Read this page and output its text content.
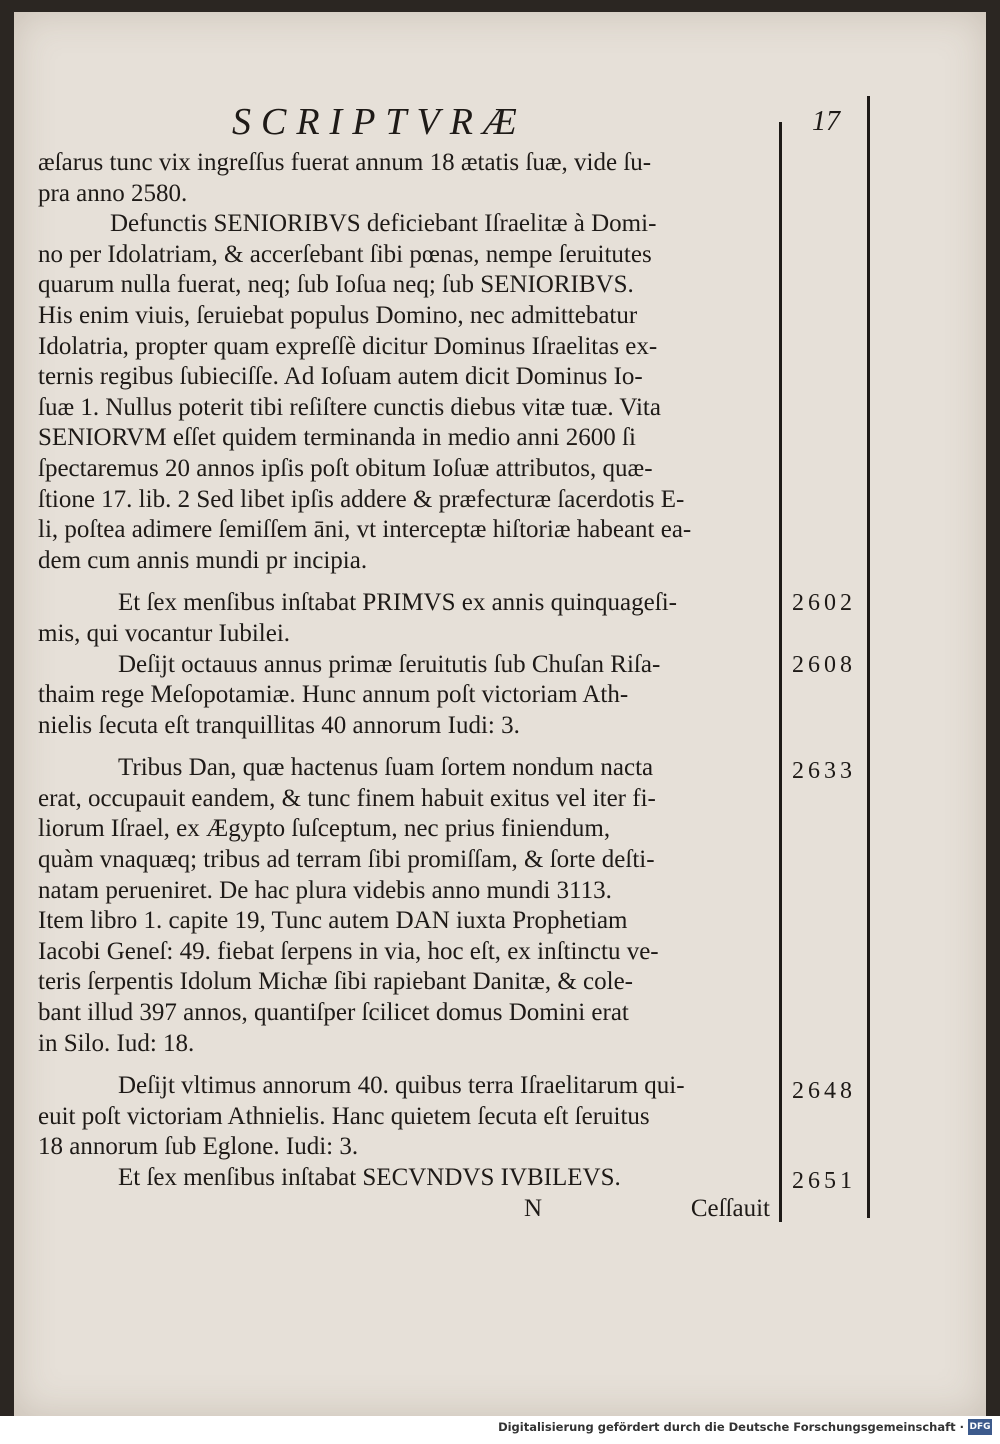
SCRIPTVRÆ	17
ӕſarus tunc vix ingreſſus fuerat annum 18 ætatis ſuæ, vide ſu-
pra anno 2580.
Defunctis SENIORIBVS deficiebant Iſraelitæ à Domi-
no per Idolatriam, & accerſebant ſibi pœnas, nempe ſeruitutes
quarum nulla fuerat, neq; ſub Ioſua neq; ſub SENIORIBVS.
His enim viuis, ſeruiebat populus Domino, nec admittebatur
Idolatria, propter quam expreſſè dicitur Dominus Iſraelitas ex-
ternis regibus ſubieciſſe. Ad Ioſuam autem dicit Dominus Io-
ſuæ 1. Nullus poterit tibi reſiſtere cunctis diebus vitæ tuæ. Vita
SENIORVM eſſet quidem terminanda in medio anni 2600 ſi
ſpectaremus 20 annos ipſis poſt obitum Ioſuæ attributos, quæ-
ſtione 17. lib. 2 Sed libet ipſis addere & præfecturæ ſacerdotis E-
li, poſtea adimere ſemiſſem āni, vt interceptæ hiſtoriæ habeant ea-
dem cum annis mundi pr incipia.
Et ſex menſibus inſtabat PRIMVS ex annis quinquageſi-
mis, qui vocantur Iubilei.
Deſijt octauus annus primæ ſeruitutis ſub Chuſan Riſa-
thaim rege Meſopotamiæ. Hunc annum poſt victoriam Ath-
nielis ſecuta eſt tranquillitas 40 annorum Iudi: 3.
Tribus Dan, quæ hactenus ſuam ſortem nondum nacta
erat, occupauit eandem, & tunc finem habuit exitus vel iter fi-
liorum Iſrael, ex Ægypto ſuſceptum, nec prius finiendum,
quàm vnaquæq; tribus ad terram ſibi promiſſam, & ſorte deſti-
natam perueniret. De hac plura videbis anno mundi 3113.
Item libro 1. capite 19, Tunc autem DAN iuxta Prophetiam
Iacobi Geneſ: 49. fiebat ſerpens in via, hoc eſt, ex inſtinctu ve-
teris ſerpentis Idolum Michæ ſibi rapiebant Danitæ, & cole-
bant illud 397 annos, quantiſper ſcilicet domus Domini erat
in Silo. Iud: 18.
Deſijt vltimus annorum 40. quibus terra Iſraelitarum qui-
euit poſt victoriam Athnielis. Hanc quietem ſecuta eſt ſeruitus
18 annorum ſub Eglone. Iudi: 3.
Et ſex menſibus inſtabat SECVNDVS IVBILEVS.
N	Ceſſauit
2602
2608
2633
2648
2651
Digitalisierung gefördert durch die Deutsche Forschungsgemeinschaft · DFG
